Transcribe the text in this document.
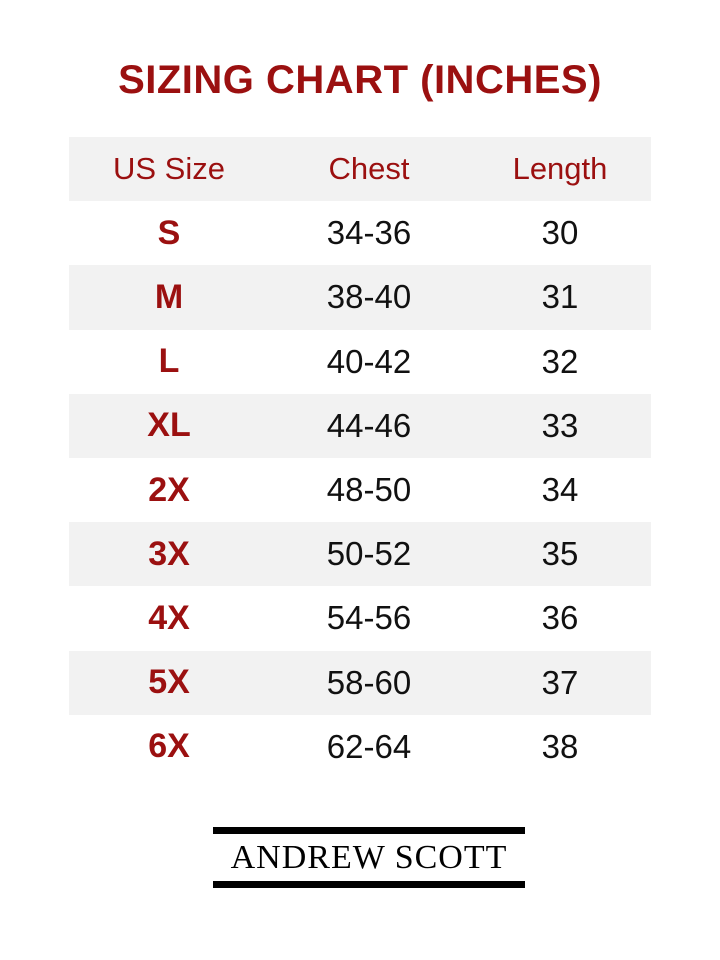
SIZING CHART (INCHES)
US Size	Chest	Length
S	34-36	30
M	38-40	31
L	40-42	32
XL	44-46	33
2X	48-50	34
3X	50-52	35
4X	54-56	36
5X	58-60	37
6X	62-64	38
ANDREW SCOTT
